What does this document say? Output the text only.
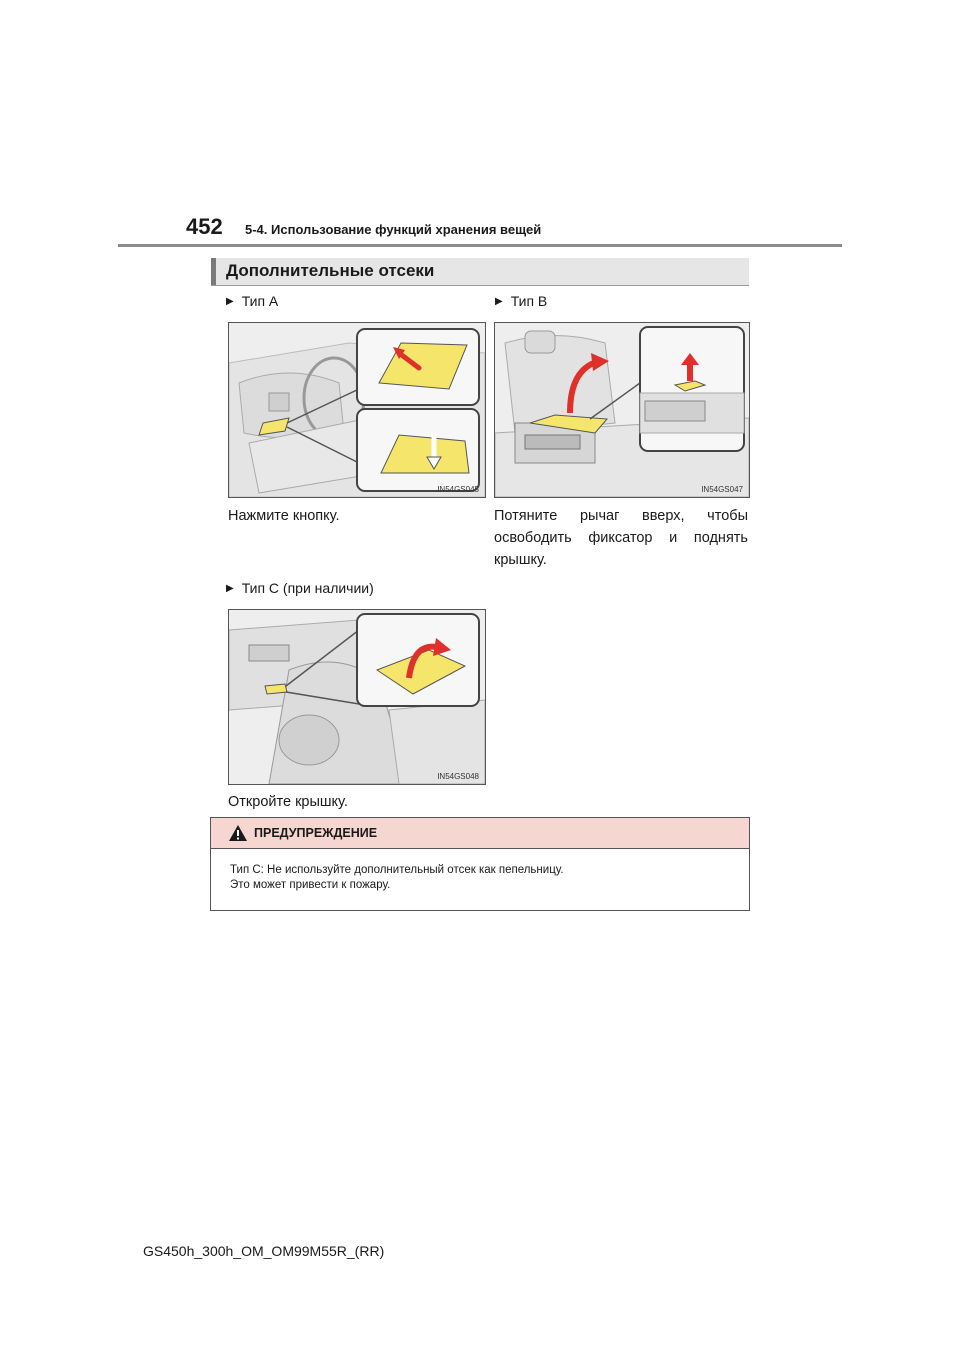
452 5-4. Использование функций хранения вещей
Дополнительные отсеки
▶ Тип A
IN54GS045
Нажмите кнопку.
▶ Тип B
IN54GS047
Потяните рычаг вверх, чтобы освободить фиксатор и поднять крышку.
▶ Тип C (при наличии)
IN54GS048
Откройте крышку.
ПРЕДУПРЕЖДЕНИЕ
Тип C: Не используйте дополнительный отсек как пепельницу.
Это может привести к пожару.
GS450h_300h_OM_OM99M55R_(RR)
